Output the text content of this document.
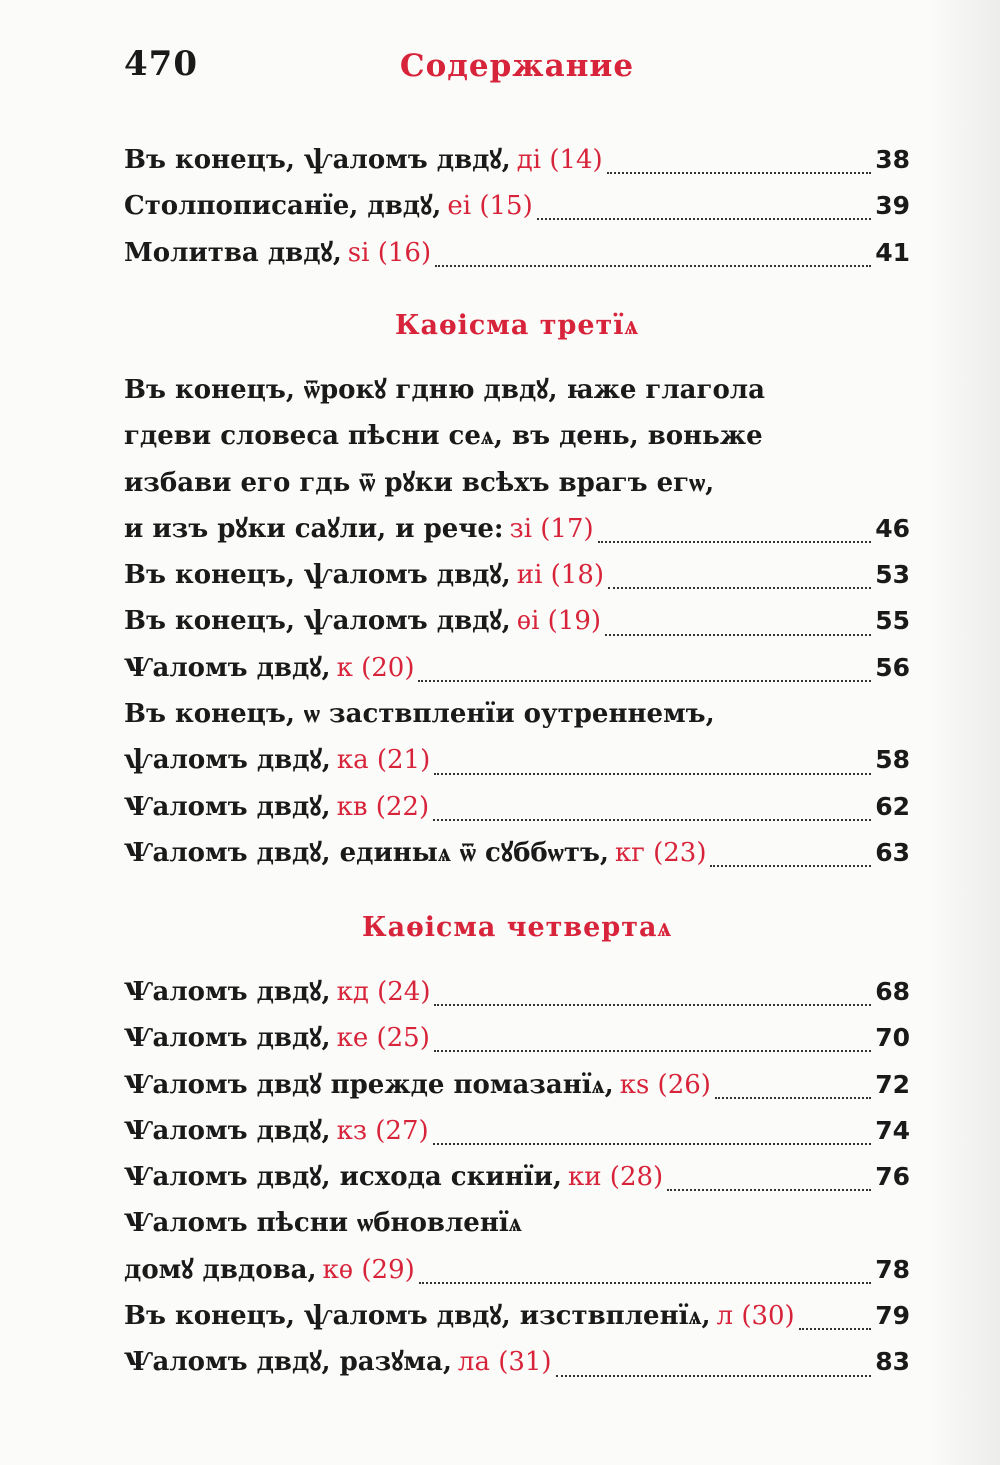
470	Содержание
Въ конецъ, ѱаломъ двдꙋ, ді (14)	38
Столпописанїе, двдꙋ, еі (15)	39
Молитва двдꙋ, ѕі (16)	41
Каѳісма третїѧ
Въ конецъ, ѿрокꙋ гдню двдꙋ, ꙗже глагола
гдеви словеса пѣсни сеѧ, въ день, воньже
избави его гдь ѿ рꙋки всѣхъ врагъ егѡ,
и изъ рꙋки саꙋли, и рече: зі (17)	46
Въ конецъ, ѱаломъ двдꙋ, иі (18)	53
Въ конецъ, ѱаломъ двдꙋ, ѳі (19)	55
Ѱаломъ двдꙋ, к (20)	56
Въ конецъ, ѡ заствпленїи оутреннемъ,
ѱаломъ двдꙋ, ка (21)	58
Ѱаломъ двдꙋ, кв (22)	62
Ѱаломъ двдꙋ, единыѧ ѿ сꙋббѡтъ, кг (23)	63
Каѳісма четвертаѧ
Ѱаломъ двдꙋ, кд (24)	68
Ѱаломъ двдꙋ, ке (25)	70
Ѱаломъ двдꙋ прежде помазанїѧ, кѕ (26)	72
Ѱаломъ двдꙋ, кз (27)	74
Ѱаломъ двдꙋ, исхода скинїи, ки (28)	76
Ѱаломъ пѣсни ѡбновленїѧ
домꙋ двдова, кѳ (29)	78
Въ конецъ, ѱаломъ двдꙋ, изствпленїѧ, л (30)	79
Ѱаломъ двдꙋ, разꙋма, ла (31)	83
